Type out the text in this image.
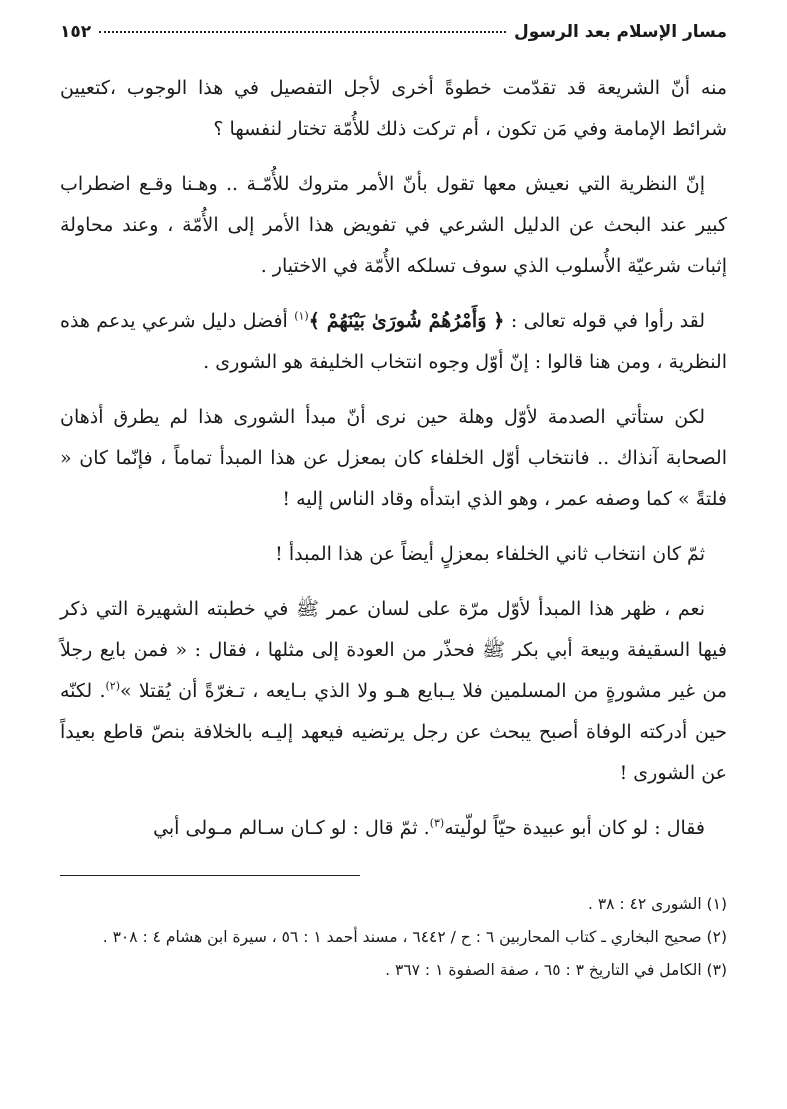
مسار الإسلام بعد الرسول
١٥٢

منه أنّ الشريعة قد تقدّمت خطوةً أخرى لأجل التفصيل في هذا الوجوب ،كتعيين شرائط الإمامة وفي مَن تكون ، أم تركت ذلك للأُمّة تختار لنفسها ؟

إنّ النظرية التي نعيش معها تقول بأنّ الأمر متروك للأُمّـة .. وهـنا وقـع اضطراب كبير عند البحث عن الدليل الشرعي في تفويض هذا الأمر إلى الأُمّة ، وعند محاولة إثبات شرعيّة الأُسلوب الذي سوف تسلكه الأُمّة في الاختيار .

لقد رأوا في قوله تعالى : ﴿ وَأَمْرُهُمْ شُورَىٰ بَيْنَهُمْ ﴾$^{(١)}$ أفضل دليل شرعي يدعم هذه النظرية ، ومن هنا قالوا : إنّ أوّل وجوه انتخاب الخليفة هو الشورى .

لكن ستأتي الصدمة لأوّل وهلة حين نرى أنّ مبدأ الشورى هذا لم يطرق أذهان الصحابة آنذاك .. فانتخاب أوّل الخلفاء كان بمعزل عن هذا المبدأ تماماً ، فإنّما كان « فلتةً » كما وصفه عمر ، وهو الذي ابتدأه وقاد الناس إليه !

ثمّ كان انتخاب ثاني الخلفاء بمعزلٍ أيضاً عن هذا المبدأ !

نعم ، ظهر هذا المبدأ لأوّل مرّة على لسان عمر ﷺ في خطبته الشهيرة التي ذكر فيها السقيفة وبيعة أبي بكر ﷺ فحذّر من العودة إلى مثلها ، فقال : « فمن بايع رجلاً من غير مشورةٍ من المسلمين فلا يـبايع هـو ولا الذي بـايعه ، تـغرّةً أن يُقتلا »$^{(٢)}$. لكنّه حين أدركته الوفاة أصبح يبحث عن رجل يرتضيه فيعهد إليـه بالخلافة بنصّ قاطع بعيداً عن الشورى !

فقال : لو كان أبو عبيدة حيّاً لولّيته$^{(٣)}$. ثمّ قال : لو كـان سـالم مـولى أبي

(١) الشورى ٤٢ : ٣٨ .

(٢) صحيح البخاري ـ كتاب المحاربين ٦ : ح / ٦٤٤٢ ، مسند أحمد ١ : ٥٦ ، سيرة ابن هشام ٤ : ٣٠٨ .

(٣) الكامل في التاريخ ٣ : ٦٥ ، صفة الصفوة ١ : ٣٦٧ .
